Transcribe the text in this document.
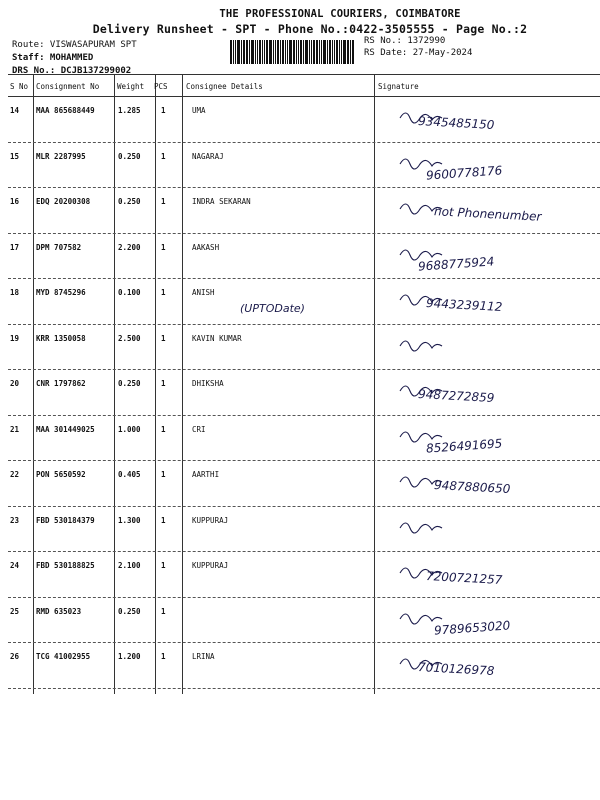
THE PROFESSIONAL COURIERS, COIMBATORE
Delivery Runsheet - SPT - Phone No.:0422-3505555 - Page No.:2
Route: VISWASAPURAM SPT
Staff: MOHAMMED
DRS No.: DCJB137299002
RS No.: 1372990
RS Date: 27-May-2024
S No Consignment No Weight PCS Consignee Details	Signature
14 MAA 865688449	1.285	1	UMA
9345485150
15 MLR 2287995	0.250	1	NAGARAJ
9600778176
16 EDQ 20200308	0.250	1	INDRA SEKARAN
not Phonenumber
17 DPM 707582	2.200	1	AAKASH
9688775924
18 MYD 8745296	0.100	1	ANISH
(UPTODate)	9443239112
19 KRR 1350058	2.500	1	KAVIN KUMAR
20 CNR 1797862	0.250	1	DHIKSHA
9487272859
21 MAA 301449025	1.000	1	CRI
8526491695
22 PON 5650592	0.405	1	AARTHI
9487880650
23 FBD 530184379	1.300	1	KUPPURAJ
24 FBD 530188825	2.100	1	KUPPURAJ
7200721257
25 RMD 635023	0.250	1
9789653020
26 TCG 41002955	1.200	1	LRINA
7010126978
